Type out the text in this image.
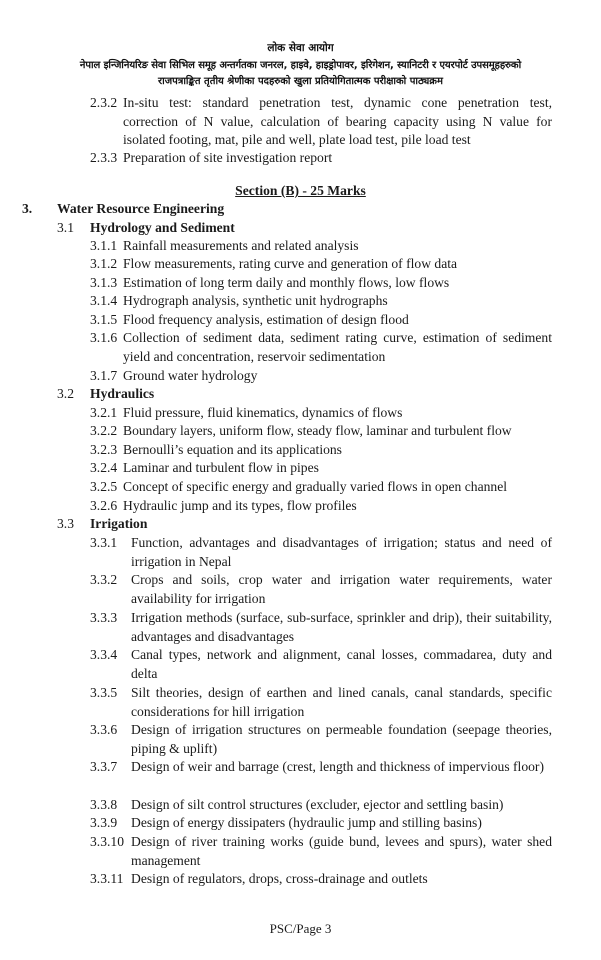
लोक सेवा आयोग
नेपाल इन्जिनियरिङ सेवा सिभिल समूह अन्तर्गतका जनरल, हाइवे, हाइड्रोपावर, इरिगेशन, स्यानिटरी र एयरपोर्ट उपसमूहहरुको
राजपत्राङ्कित तृतीय श्रेणीका पदहरुको खुला प्रतियोगितात्मक परीक्षाको पाठ्यक्रम
2.3.2 In-situ test: standard penetration test, dynamic cone penetration test, correction of N value, calculation of bearing capacity using N value for isolated footing, mat, pile and well, plate load test, pile load test
2.3.3 Preparation of site investigation report
Section (B) - 25 Marks
3. Water Resource Engineering
3.1 Hydrology and Sediment
3.1.1 Rainfall measurements and related analysis
3.1.2 Flow measurements, rating curve and generation of flow data
3.1.3 Estimation of long term daily and monthly flows, low flows
3.1.4 Hydrograph analysis, synthetic unit hydrographs
3.1.5 Flood frequency analysis, estimation of design flood
3.1.6 Collection of sediment data, sediment rating curve, estimation of sediment yield and concentration, reservoir sedimentation
3.1.7 Ground water hydrology
3.2 Hydraulics
3.2.1 Fluid pressure, fluid kinematics, dynamics of flows
3.2.2 Boundary layers, uniform flow, steady flow, laminar and turbulent flow
3.2.3 Bernoulli’s equation and its applications
3.2.4 Laminar and turbulent flow in pipes
3.2.5 Concept of specific energy and gradually varied flows in open channel
3.2.6 Hydraulic jump and its types, flow profiles
3.3 Irrigation
3.3.1 Function, advantages and disadvantages of irrigation; status and need of irrigation in Nepal
3.3.2 Crops and soils, crop water and irrigation water requirements, water availability for irrigation
3.3.3 Irrigation methods (surface, sub-surface, sprinkler and drip), their suitability, advantages and disadvantages
3.3.4 Canal types, network and alignment, canal losses, commadarea, duty and delta
3.3.5 Silt theories, design of earthen and lined canals, canal standards, specific considerations for hill irrigation
3.3.6 Design of irrigation structures on permeable foundation (seepage theories, piping & uplift)
3.3.7 Design of weir and barrage (crest, length and thickness of impervious floor)
3.3.8 Design of silt control structures (excluder, ejector and settling basin)
3.3.9 Design of energy dissipaters (hydraulic jump and stilling basins)
3.3.10 Design of river training works (guide bund, levees and spurs), water shed management
3.3.11 Design of regulators, drops, cross-drainage and outlets
PSC/Page 3
